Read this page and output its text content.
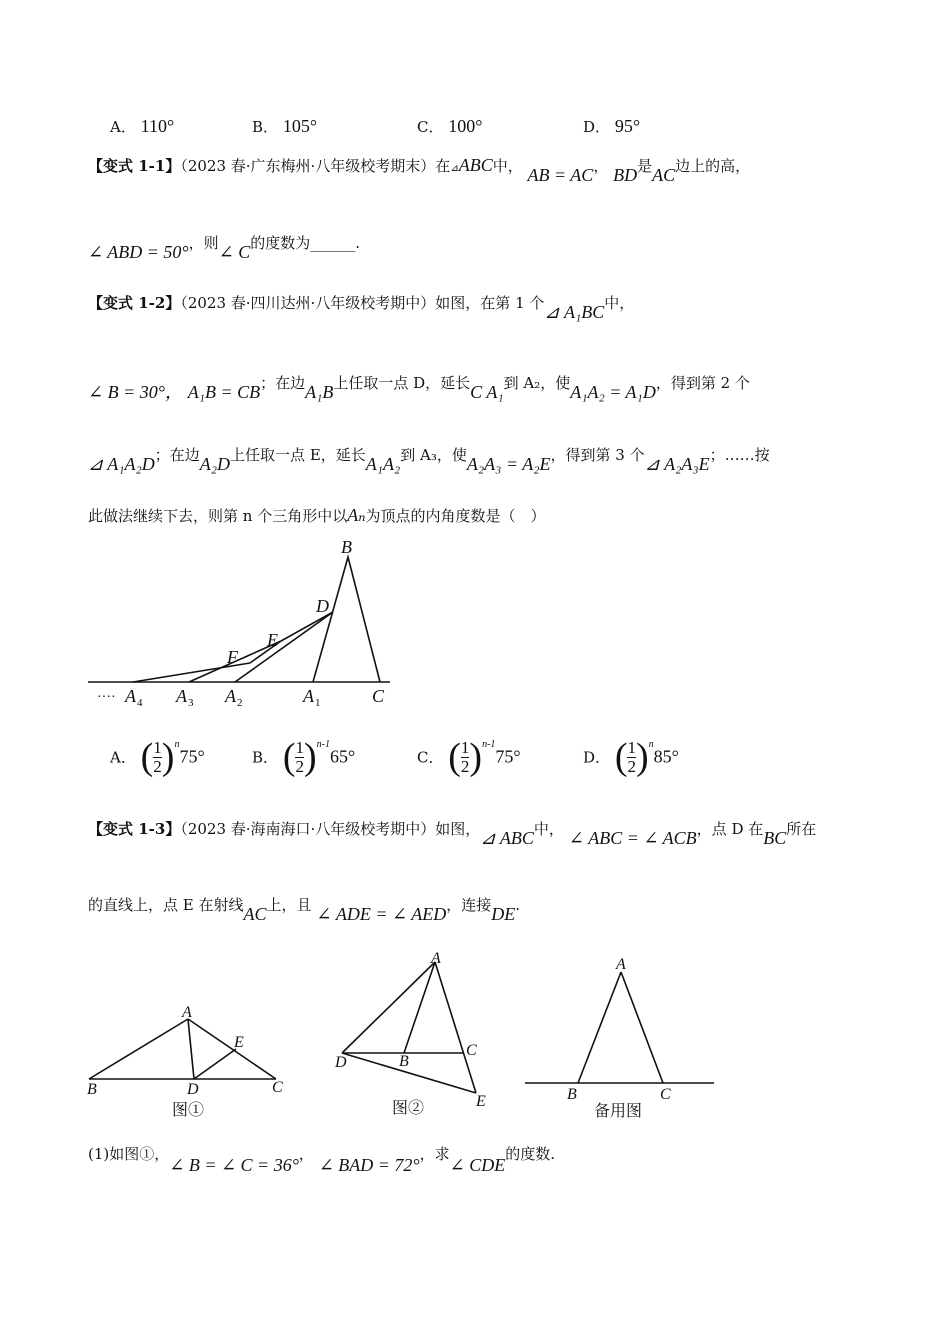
A． 110°	B． 105°	C． 100°	D． 95°
【变式 1-1】（2023 春·广东梅州·八年级校考期末）在⊿ABC中， AB = AC， BD是AC边上的高，
∠ ABD = 50°，则∠ C的度数为______.
【变式 1-2】（2023 春·四川达州·八年级校考期中）如图，在第 1 个⊿ A₁BC中，
∠ B = 30°， A₁B = CB；在边A₁B上任取一点 D，延长C A₁到 A₂，使A₁A₂ = A₁D，得到第 2 个
⊿ A₁A₂D；在边A₂D上任取一点 E，延长A₁A₂到 A₃，使A₂A₃ = A₂E，得到第 3 个⊿ A₂A₃E；……按
此做法继续下去，则第 n 个三角形中以Aₙ为顶点的内角度数是（　）
B
D
E
F
C
A
A
A
A	1
2
3
4
····
A． ( $\frac{1}{2} )^n75^\circ$	B． ( $\frac{1}{2} )^{n-1}65^\circ$	C． ( $\frac{1}{2} )^{n-1}75^\circ$	D． ( $\frac{1}{2} )^n85^\circ$
【变式 1-3】（2023 春·海南海口·八年级校考期中）如图，⊿ ABC中， ∠ ABC = ∠ ACB，点 D 在BC所在
的直线上，点 E 在射线AC上，且 ∠ ADE = ∠ AED，连接DE.
A
B	C
D
E
图①
A
B
C
D
E
图②
A
B	C
备用图
(1)如图①，∠ B = ∠ C = 36°， ∠ BAD = 72°，求∠ CDE的度数.
